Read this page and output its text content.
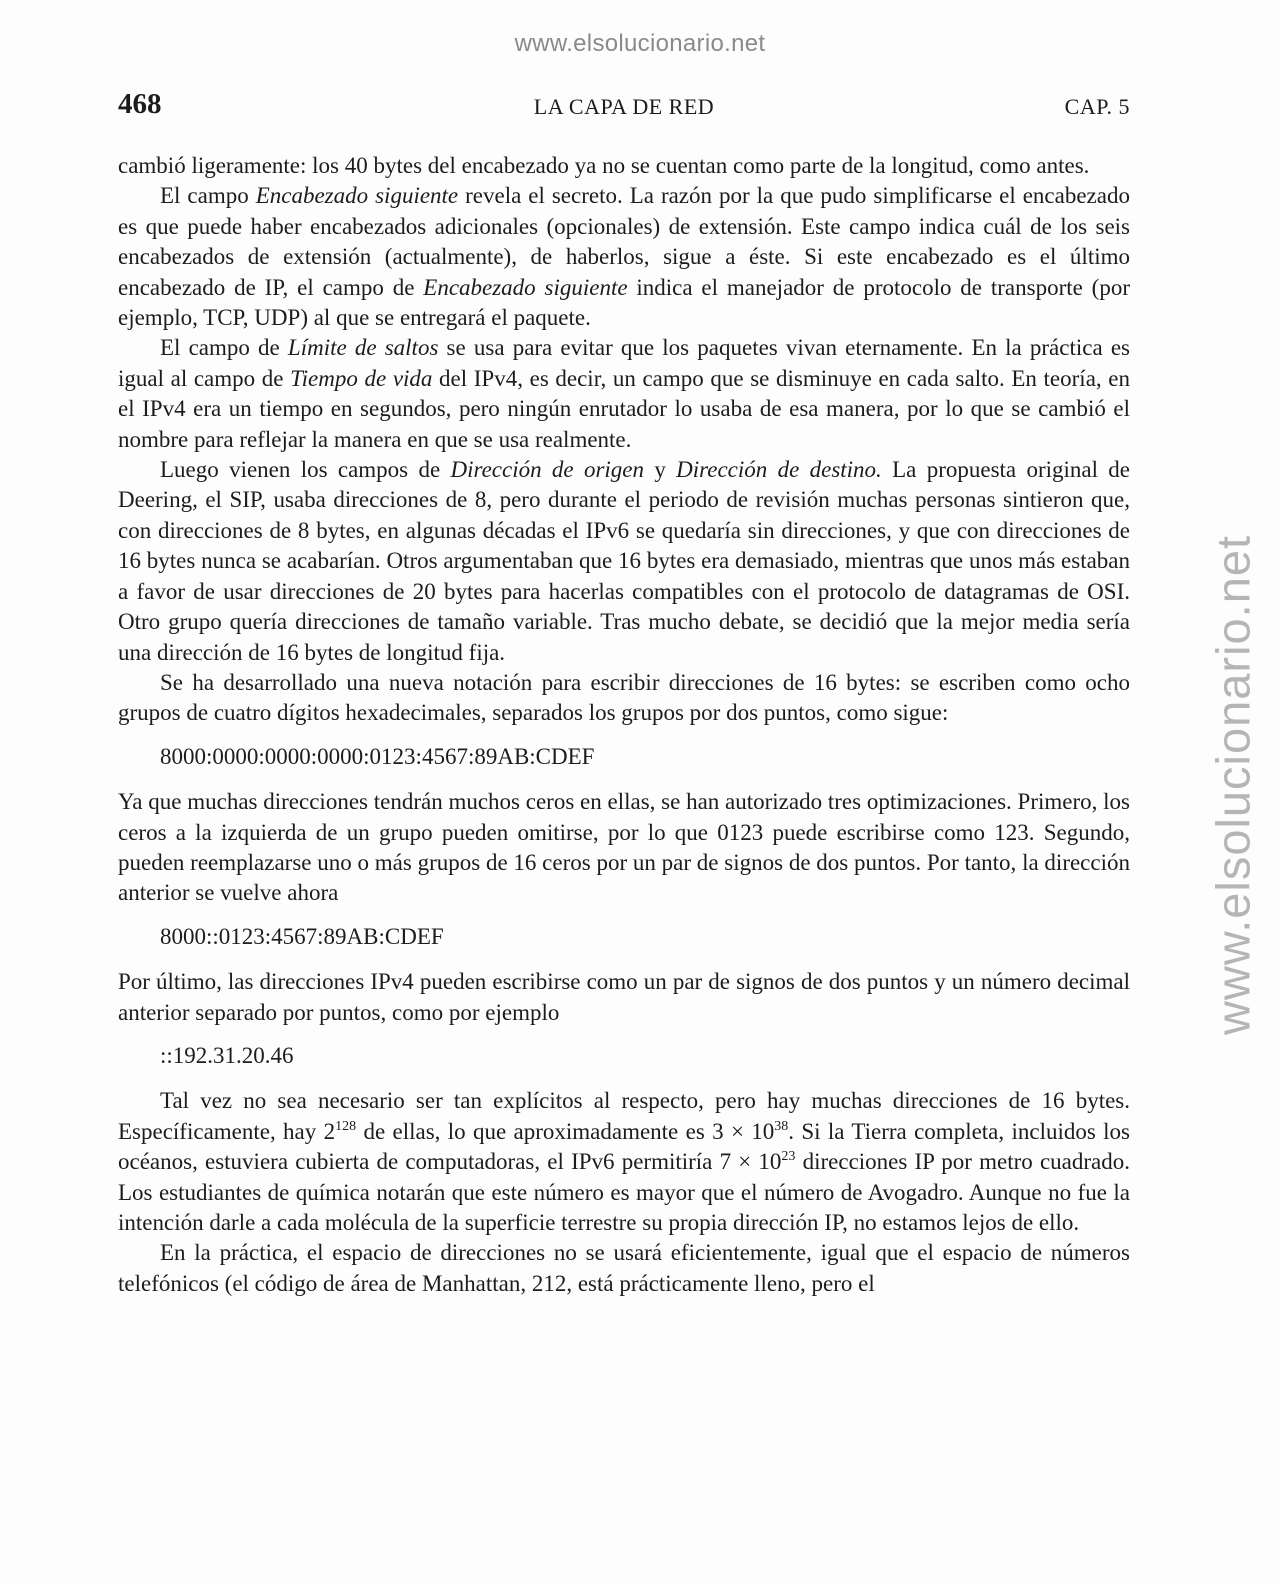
www.elsolucionario.net
www.elsolucionario.net
468	LA CAPA DE RED	CAP. 5

cambió ligeramente: los 40 bytes del encabezado ya no se cuentan como parte de la longitud, como antes.

El campo Encabezado siguiente revela el secreto. La razón por la que pudo simplificarse el encabezado es que puede haber encabezados adicionales (opcionales) de extensión. Este campo indica cuál de los seis encabezados de extensión (actualmente), de haberlos, sigue a éste. Si este encabezado es el último encabezado de IP, el campo de Encabezado siguiente indica el manejador de protocolo de transporte (por ejemplo, TCP, UDP) al que se entregará el paquete.

El campo de Límite de saltos se usa para evitar que los paquetes vivan eternamente. En la práctica es igual al campo de Tiempo de vida del IPv4, es decir, un campo que se disminuye en cada salto. En teoría, en el IPv4 era un tiempo en segundos, pero ningún enrutador lo usaba de esa manera, por lo que se cambió el nombre para reflejar la manera en que se usa realmente.

Luego vienen los campos de Dirección de origen y Dirección de destino. La propuesta original de Deering, el SIP, usaba direcciones de 8, pero durante el periodo de revisión muchas personas sintieron que, con direcciones de 8 bytes, en algunas décadas el IPv6 se quedaría sin direcciones, y que con direcciones de 16 bytes nunca se acabarían. Otros argumentaban que 16 bytes era demasiado, mientras que unos más estaban a favor de usar direcciones de 20 bytes para hacerlas compatibles con el protocolo de datagramas de OSI. Otro grupo quería direcciones de tamaño variable. Tras mucho debate, se decidió que la mejor media sería una dirección de 16 bytes de longitud fija.

Se ha desarrollado una nueva notación para escribir direcciones de 16 bytes: se escriben como ocho grupos de cuatro dígitos hexadecimales, separados los grupos por dos puntos, como sigue:

8000:0000:0000:0000:0123:4567:89AB:CDEF

Ya que muchas direcciones tendrán muchos ceros en ellas, se han autorizado tres optimizaciones. Primero, los ceros a la izquierda de un grupo pueden omitirse, por lo que 0123 puede escribirse como 123. Segundo, pueden reemplazarse uno o más grupos de 16 ceros por un par de signos de dos puntos. Por tanto, la dirección anterior se vuelve ahora

8000::0123:4567:89AB:CDEF

Por último, las direcciones IPv4 pueden escribirse como un par de signos de dos puntos y un número decimal anterior separado por puntos, como por ejemplo

::192.31.20.46

Tal vez no sea necesario ser tan explícitos al respecto, pero hay muchas direcciones de 16 bytes. Específicamente, hay $2^{128}$ de ellas, lo que aproximadamente es $3 \times 10^{38}$. Si la Tierra completa, incluidos los océanos, estuviera cubierta de computadoras, el IPv6 permitiría $7 \times 10^{23}$ direcciones IP por metro cuadrado. Los estudiantes de química notarán que este número es mayor que el número de Avogadro. Aunque no fue la intención darle a cada molécula de la superficie terrestre su propia dirección IP, no estamos lejos de ello.

En la práctica, el espacio de direcciones no se usará eficientemente, igual que el espacio de números telefónicos (el código de área de Manhattan, 212, está prácticamente lleno, pero el
